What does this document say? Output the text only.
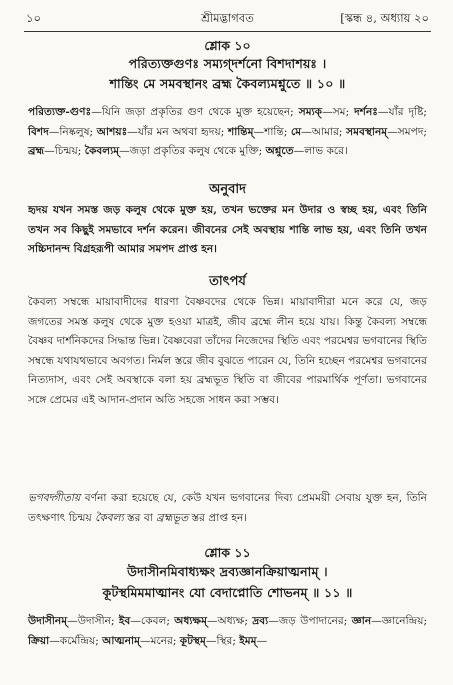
১০	শ্রীমদ্ভাগবত	[স্কন্ধ ৪, অধ্যায় ২০
শ্লোক ১০
পরিত্যক্তগুণঃ সম্যগ্‌দর্শনো বিশদাশয়ঃ ।
শান্তিং মে সমবস্থানং ব্রহ্ম কৈবল্যমশ্নুতে ॥ ১০ ॥
পরিত্যক্ত-গুণঃ—যিনি জড়া প্রকৃতির গুণ থেকে মুক্ত হয়েছেন; সম্যক্‌—সম; দর্শনঃ—যাঁর দৃষ্টি; বিশদ—নিষ্কলুষ; আশয়ঃ—যাঁর মন অথবা হৃদয়; শান্তিম্‌—শান্তি; মে—আমার; সমবস্থানম্‌—সমপদ; ব্রহ্ম—চিন্ময়; কৈবল্যম্‌—জড়া প্রকৃতির কলুষ থেকে মুক্তি; অশ্নুতে—লাভ করে।
অনুবাদ
হৃদয় যখন সমস্ত জড় কলুষ থেকে মুক্ত হয়, তখন ভক্তের মন উদার ও স্বচ্ছ হয়, এবং তিনি তখন সব কিছুই সমভাবে দর্শন করেন। জীবনের সেই অবস্থায় শান্তি লাভ হয়, এবং তিনি তখন সচ্চিদানন্দ বিগ্রহরূপী আমার সমপদ প্রাপ্ত হন।
তাৎপর্য
কৈবল্য সম্বন্ধে মায়াবাদীদের ধারণা বৈষ্ণবদের থেকে ভিন্ন। মায়াবাদীরা মনে করে যে, জড় জগতের সমস্ত কলুষ থেকে মুক্ত হওয়া মাত্রই, জীব ব্রহ্মে লীন হয়ে যায়। কিন্তু কৈবল্য সম্বন্ধে বৈষ্ণব দার্শনিকদের সিদ্ধান্ত ভিন্ন। বৈষ্ণবেরা তাঁদের নিজেদের স্থিতি এবং পরমেশ্বর ভগবানের স্থিতি সম্বন্ধে যথাযথভাবে অবগত। নির্মল স্তরে জীব বুঝতে পারেন যে, তিনি হচ্ছেন পরমেশ্বর ভগবানের নিত্যদাস, এবং সেই অবস্থাকে বলা হয় ব্রহ্মভূত স্থিতি বা জীবের পারমার্থিক পূর্ণতা। ভগবানের সঙ্গে প্রেমের এই আদান-প্রদান অতি সহজে সাধন করা সম্ভব।
ভগবদ্গীতায় বর্ণনা করা হয়েছে যে, কেউ যখন ভগবানের দিব্য প্রেমময়ী সেবায় যুক্ত হন, তিনি তৎক্ষণাৎ চিন্ময় কৈবল্য স্তর বা ব্রহ্মভূত স্তর প্রাপ্ত হন।
শ্লোক ১১
উদাসীনমিবাধ্যক্ষং দ্রব্যজ্ঞানক্রিয়াত্মনাম্‌ ।
কূটস্থমিমমাত্মানং যো বেদাপ্নোতি শোভনম্‌ ॥ ১১ ॥
উদাসীনম্‌—উদাসীন; ইব—কেবল; অধ্যক্ষম্‌—অধ্যক্ষ; দ্রব্য—জড় উপাদানের; জ্ঞান—জ্ঞানেন্দ্রিয়; ক্রিয়া—কর্মেন্দ্রিয়; আত্মনাম্‌—মনের; কূটস্থম্‌—স্থির; ইমম্‌—
